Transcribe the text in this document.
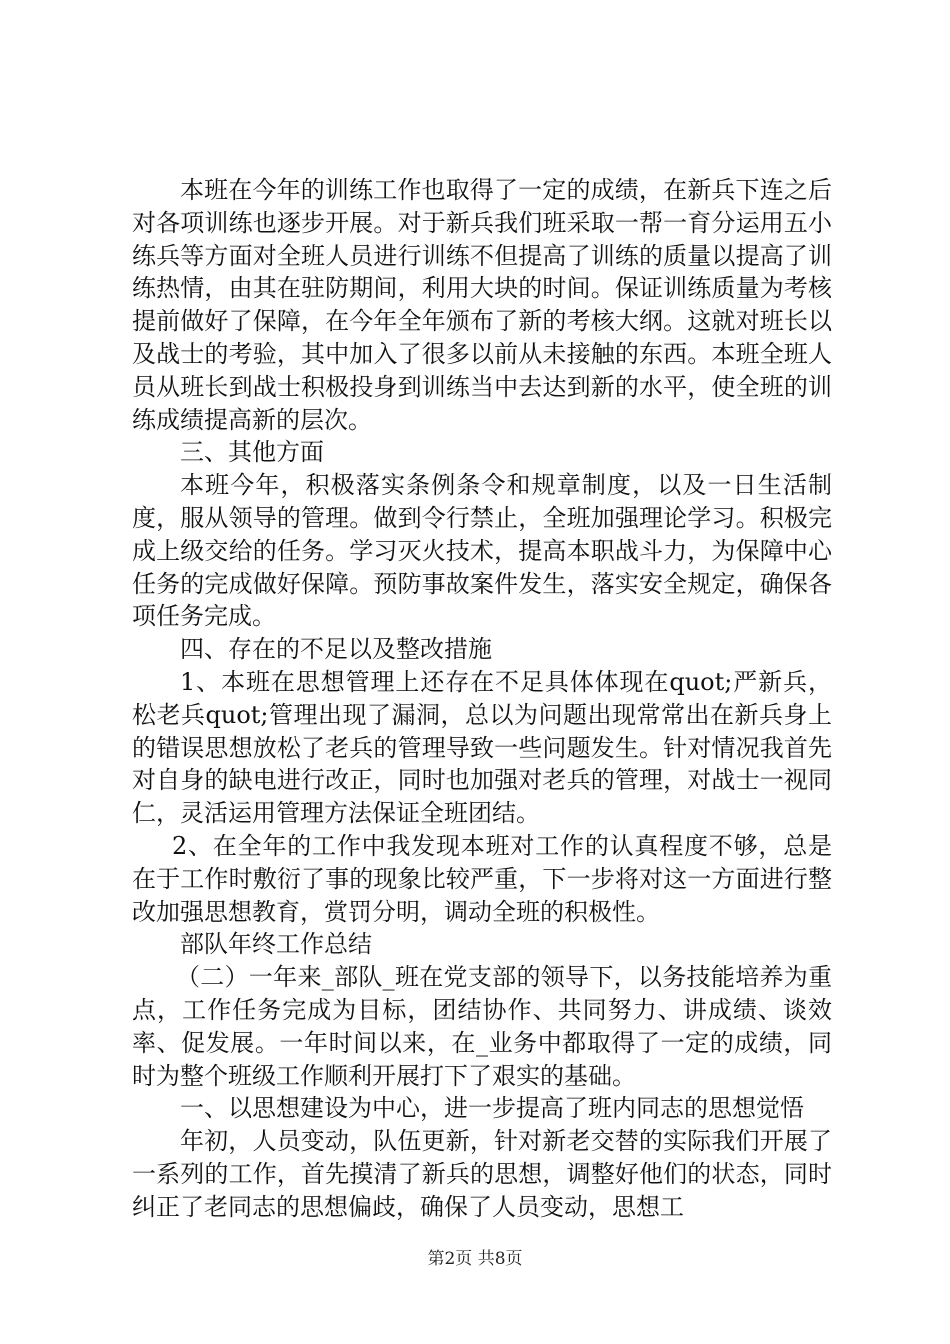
本班在今年的训练工作也取得了一定的成绩，在新兵下连之后对各项训练也逐步开展。对于新兵我们班采取一帮一育分运用五小练兵等方面对全班人员进行训练不但提高了训练的质量以提高了训练热情，由其在驻防期间，利用大块的时间。保证训练质量为考核提前做好了保障，在今年全年颁布了新的考核大纲。这就对班长以及战士的考验，其中加入了很多以前从未接触的东西。本班全班人员从班长到战士积极投身到训练当中去达到新的水平，使全班的训练成绩提高新的层次。

三、其他方面

本班今年，积极落实条例条令和规章制度，以及一日生活制度，服从领导的管理。做到令行禁止，全班加强理论学习。积极完成上级交给的任务。学习灭火技术，提高本职战斗力，为保障中心任务的完成做好保障。预防事故案件发生，落实安全规定，确保各项任务完成。

四、存在的不足以及整改措施

1、本班在思想管理上还存在不足具体体现在quot;严新兵，松老兵quot;管理出现了漏洞，总以为问题出现常常出在新兵身上的错误思想放松了老兵的管理导致一些问题发生。针对情况我首先对自身的缺电进行改正，同时也加强对老兵的管理，对战士一视同仁，灵活运用管理方法保证全班团结。

2、在全年的工作中我发现本班对工作的认真程度不够，总是在于工作时敷衍了事的现象比较严重，下一步将对这一方面进行整改加强思想教育，赏罚分明，调动全班的积极性。

部队年终工作总结

（二）一年来_部队_班在党支部的领导下，以务技能培养为重点，工作任务完成为目标，团结协作、共同努力、讲成绩、谈效率、促发展。一年时间以来，在_业务中都取得了一定的成绩，同时为整个班级工作顺利开展打下了艰实的基础。

一、以思想建设为中心，进一步提高了班内同志的思想觉悟

年初，人员变动，队伍更新，针对新老交替的实际我们开展了一系列的工作，首先摸清了新兵的思想，调整好他们的状态，同时纠正了老同志的思想偏歧，确保了人员变动，思想工

第2页 共8页
